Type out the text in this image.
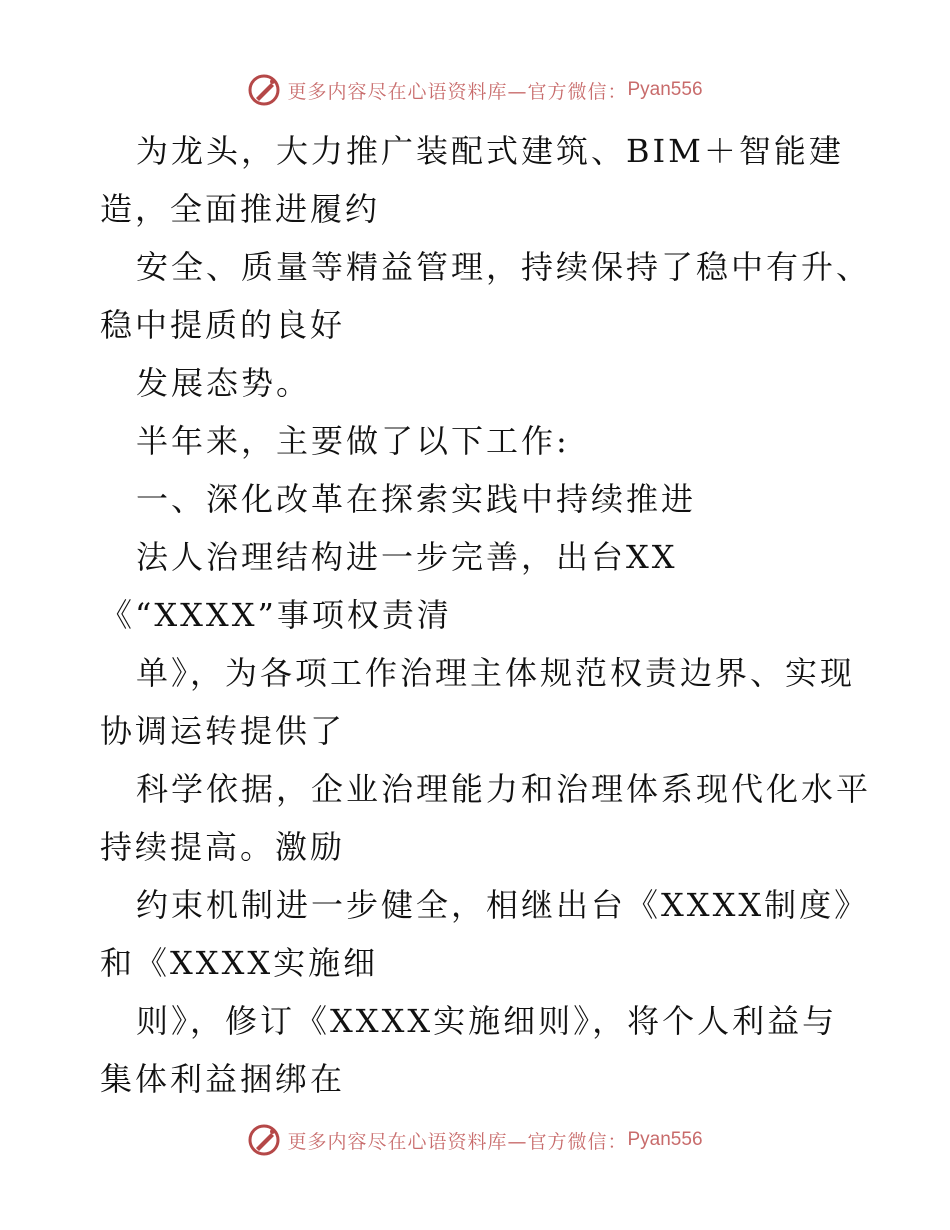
更多内容尽在心语资料库—官方微信： Pyan556

为龙头，大力推广装配式建筑、BIM＋智能建

造，全面推进履约

安全、质量等精益管理，持续保持了稳中有升、

稳中提质的良好

发展态势。

半年来，主要做了以下工作:

一、深化改革在探索实践中持续推进

法人治理结构进一步完善，出台XX

《“XXXX”事项权责清

单》，为各项工作治理主体规范权责边界、实现

协调运转提供了

科学依据，企业治理能力和治理体系现代化水平

持续提高。激励

约束机制进一步健全，相继出台《XXXX制度》

和《XXXX实施细

则》，修订《XXXX实施细则》，将个人利益与

集体利益捆绑在

更多内容尽在心语资料库—官方微信： Pyan556
